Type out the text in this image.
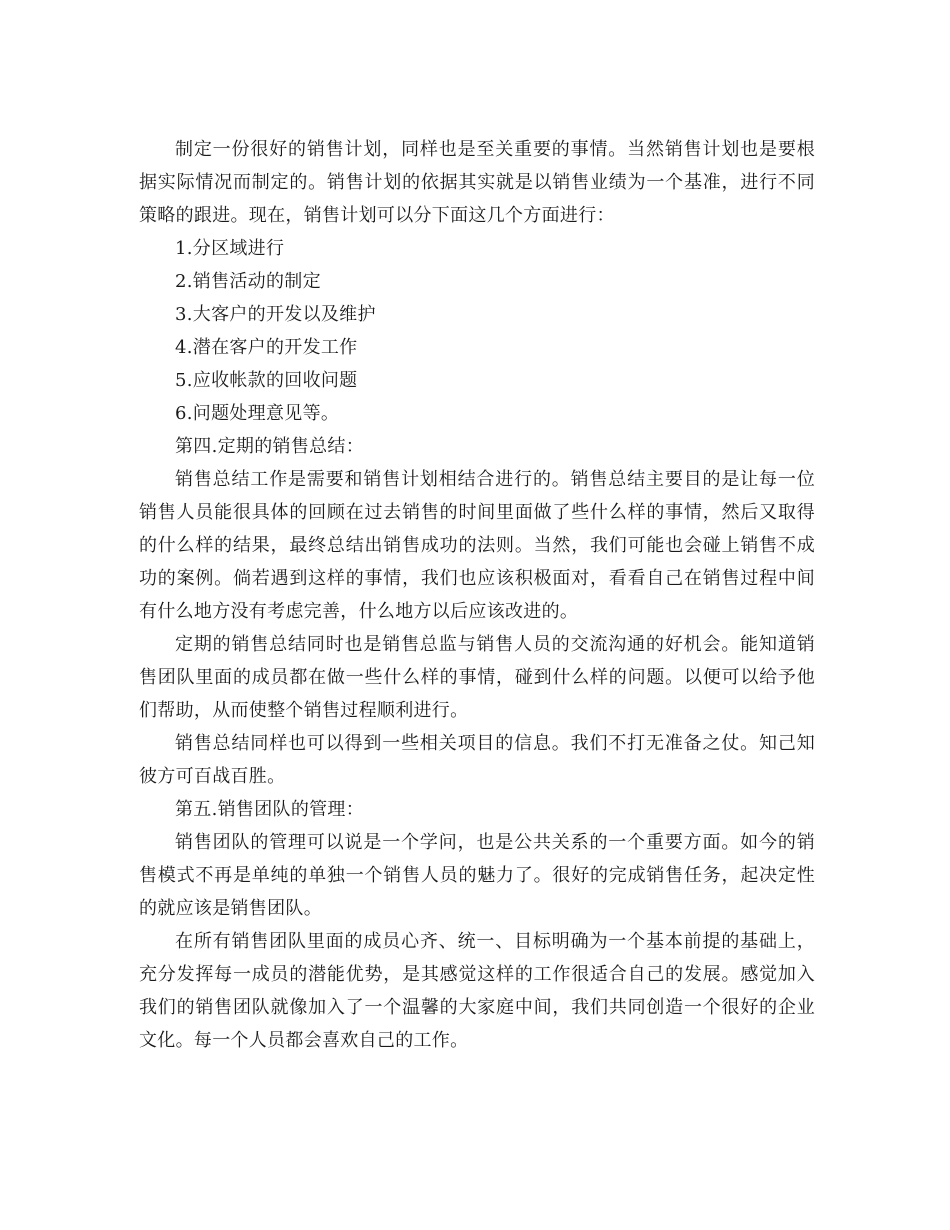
制定一份很好的销售计划，同样也是至关重要的事情。当然销售计划也是要根据实际情况而制定的。销售计划的依据其实就是以销售业绩为一个基准，进行不同策略的跟进。现在，销售计划可以分下面这几个方面进行：

1.分区域进行

2.销售活动的制定

3.大客户的开发以及维护

4.潜在客户的开发工作

5.应收帐款的回收问题

6.问题处理意见等。

第四.定期的销售总结：

销售总结工作是需要和销售计划相结合进行的。销售总结主要目的是让每一位销售人员能很具体的回顾在过去销售的时间里面做了些什么样的事情，然后又取得的什么样的结果，最终总结出销售成功的法则。当然，我们可能也会碰上销售不成功的案例。倘若遇到这样的事情，我们也应该积极面对，看看自己在销售过程中间有什么地方没有考虑完善，什么地方以后应该改进的。

定期的销售总结同时也是销售总监与销售人员的交流沟通的好机会。能知道销售团队里面的成员都在做一些什么样的事情，碰到什么样的问题。以便可以给予他们帮助，从而使整个销售过程顺利进行。

销售总结同样也可以得到一些相关项目的信息。我们不打无准备之仗。知己知彼方可百战百胜。

第五.销售团队的管理：

销售团队的管理可以说是一个学问，也是公共关系的一个重要方面。如今的销售模式不再是单纯的单独一个销售人员的魅力了。很好的完成销售任务，起决定性的就应该是销售团队。

在所有销售团队里面的成员心齐、统一、目标明确为一个基本前提的基础上，充分发挥每一成员的潜能优势，是其感觉这样的工作很适合自己的发展。感觉加入我们的销售团队就像加入了一个温馨的大家庭中间，我们共同创造一个很好的企业文化。每一个人员都会喜欢自己的工作。
